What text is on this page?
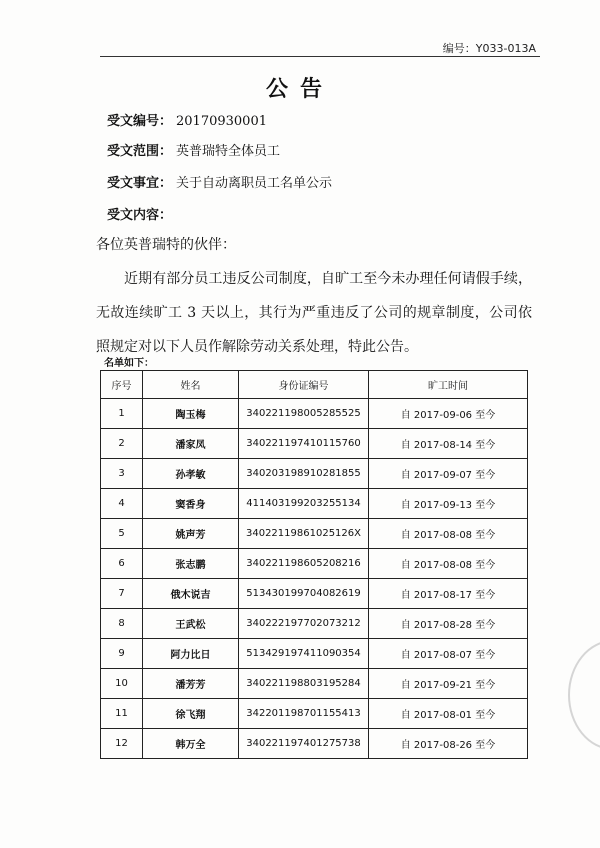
编号：Y033-013A
公告
受文编号： 20170930001
受文范围： 英普瑞特全体员工
受文事宜： 关于自动离职员工名单公示
受文内容：
各位英普瑞特的伙伴：
近期有部分员工违反公司制度，自旷工至今未办理任何请假手续，无故连续旷工 3 天以上，其行为严重违反了公司的规章制度，公司依照规定对以下人员作解除劳动关系处理，特此公告。
名单如下：
序号	姓名	身份证编号	旷工时间
1	陶玉梅	340221198005285525	自 2017-09-06 至今
2	潘家凤	340221197410115760	自 2017-08-14 至今
3	孙孝敏	340203198910281855	自 2017-09-07 至今
4	窦香身	411403199203255134	自 2017-09-13 至今
5	姚声芳	34022119861025126X	自 2017-08-08 至今
6	张志鹏	340221198605208216	自 2017-08-08 至今
7	俄木说吉	513430199704082619	自 2017-08-17 至今
8	王武松	340222197702073212	自 2017-08-28 至今
9	阿力比日	513429197411090354	自 2017-08-07 至今
10	潘芳芳	340221198803195284	自 2017-09-21 至今
11	徐飞翔	342201198701155413	自 2017-08-01 至今
12	韩万全	340221197401275738	自 2017-08-26 至今
